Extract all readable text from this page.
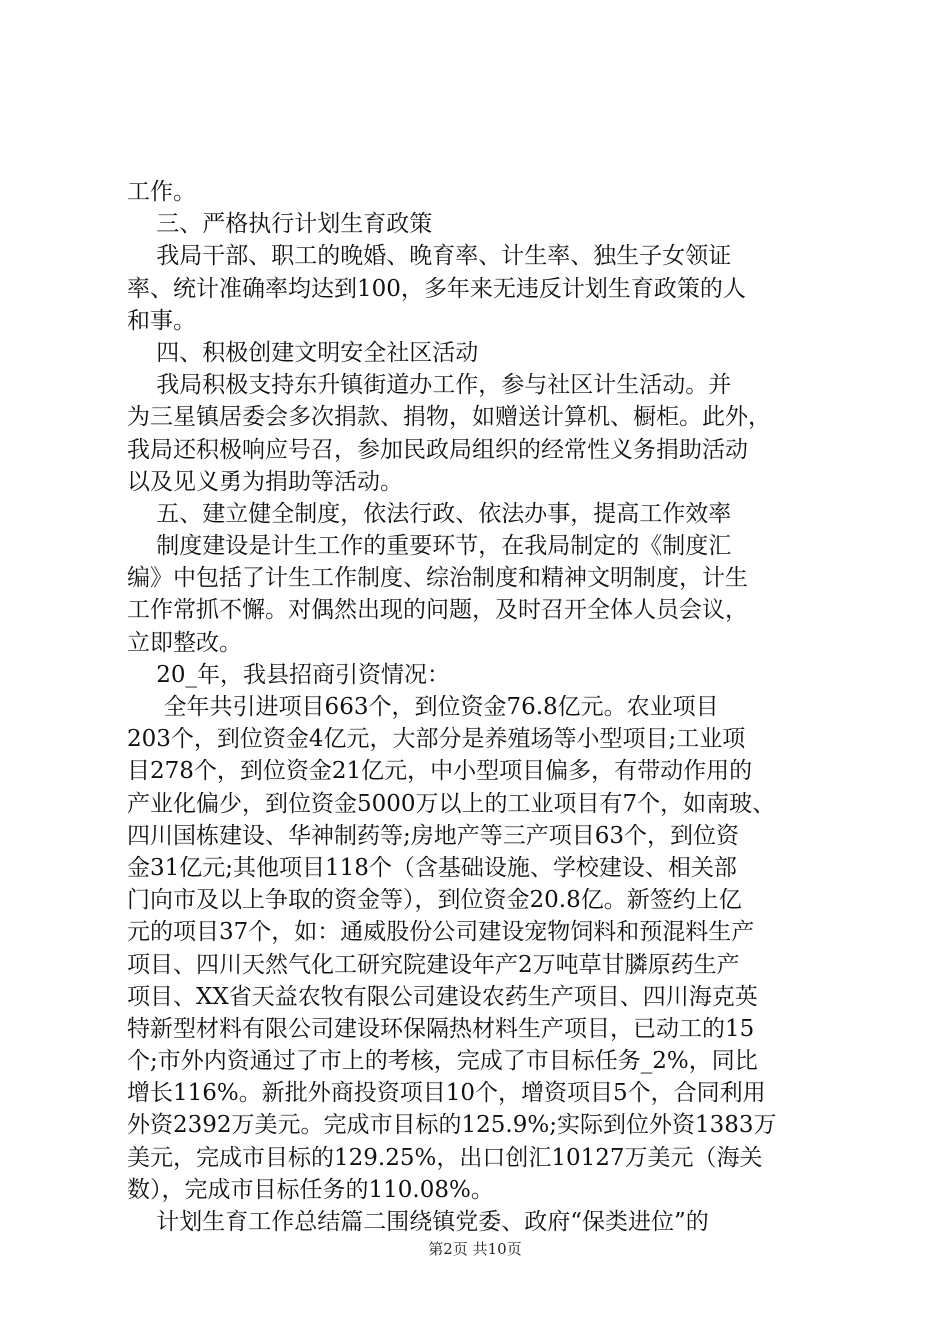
工作。
三、严格执行计划生育政策
我局干部、职工的晚婚、晚育率、计生率、独生子女领证
率、统计准确率均达到100，多年来无违反计划生育政策的人
和事。
四、积极创建文明安全社区活动
我局积极支持东升镇街道办工作，参与社区计生活动。并
为三星镇居委会多次捐款、捐物，如赠送计算机、橱柜。此外，
我局还积极响应号召，参加民政局组织的经常性义务捐助活动
以及见义勇为捐助等活动。
五、建立健全制度，依法行政、依法办事，提高工作效率
制度建设是计生工作的重要环节，在我局制定的《制度汇
编》中包括了计生工作制度、综治制度和精神文明制度，计生
工作常抓不懈。对偶然出现的问题，及时召开全体人员会议，
立即整改。
20_年，我县招商引资情况：
全年共引进项目663个，到位资金76.8亿元。农业项目
203个，到位资金4亿元，大部分是养殖场等小型项目;工业项
目278个，到位资金21亿元，中小型项目偏多，有带动作用的
产业化偏少，到位资金5000万以上的工业项目有7个，如南玻、
四川国栋建设、华神制药等;房地产等三产项目63个，到位资
金31亿元;其他项目118个（含基础设施、学校建设、相关部
门向市及以上争取的资金等），到位资金20.8亿。新签约上亿
元的项目37个，如：通威股份公司建设宠物饲料和预混料生产
项目、四川天然气化工研究院建设年产2万吨草甘膦原药生产
项目、XX省天益农牧有限公司建设农药生产项目、四川海克英
特新型材料有限公司建设环保隔热材料生产项目，已动工的15
个;市外内资通过了市上的考核，完成了市目标任务_2%，同比
增长116%。新批外商投资项目10个，增资项目5个，合同利用
外资2392万美元。完成市目标的125.9%;实际到位外资1383万
美元，完成市目标的129.25%，出口创汇10127万美元（海关
数），完成市目标任务的110.08%。
计划生育工作总结篇二围绕镇党委、政府“保类进位”的
第2页 共10页
